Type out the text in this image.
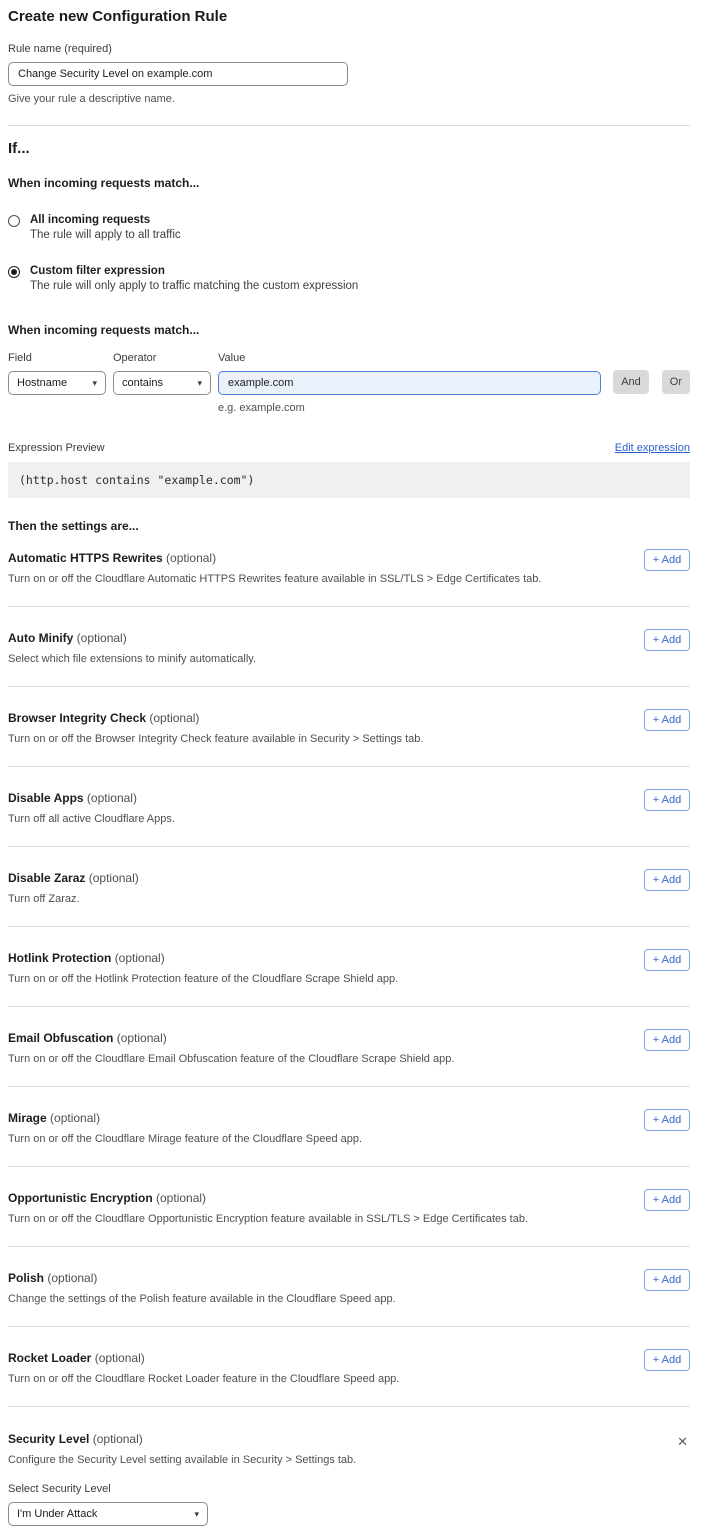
Create new Configuration Rule
Rule name (required)
Change Security Level on example.com
Give your rule a descriptive name.
If...
When incoming requests match...
All incoming requests
The rule will apply to all traffic
Custom filter expression
The rule will only apply to traffic matching the custom expression
When incoming requests match...
Field
Hostname	▾
Operator
contains	▾
Value
example.com
e.g. example.com
And	Or
Expression Preview	Edit expression
(http.host contains "example.com")
Then the settings are...
Automatic HTTPS Rewrites (optional)
Turn on or off the Cloudflare Automatic HTTPS Rewrites feature available in SSL/TLS > Edge Certificates tab.
+ Add
Auto Minify (optional)
Select which file extensions to minify automatically.
+ Add
Browser Integrity Check (optional)
Turn on or off the Browser Integrity Check feature available in Security > Settings tab.
+ Add
Disable Apps (optional)
Turn off all active Cloudflare Apps.
+ Add
Disable Zaraz (optional)
Turn off Zaraz.
+ Add
Hotlink Protection (optional)
Turn on or off the Hotlink Protection feature of the Cloudflare Scrape Shield app.
+ Add
Email Obfuscation (optional)
Turn on or off the Cloudflare Email Obfuscation feature of the Cloudflare Scrape Shield app.
+ Add
Mirage (optional)
Turn on or off the Cloudflare Mirage feature of the Cloudflare Speed app.
+ Add
Opportunistic Encryption (optional)
Turn on or off the Cloudflare Opportunistic Encryption feature available in SSL/TLS > Edge Certificates tab.
+ Add
Polish (optional)
Change the settings of the Polish feature available in the Cloudflare Speed app.
+ Add
Rocket Loader (optional)
Turn on or off the Cloudflare Rocket Loader feature in the Cloudflare Speed app.
+ Add
Security Level (optional)	✕
Configure the Security Level setting available in Security > Settings tab.
Select Security Level
I'm Under Attack	▾
